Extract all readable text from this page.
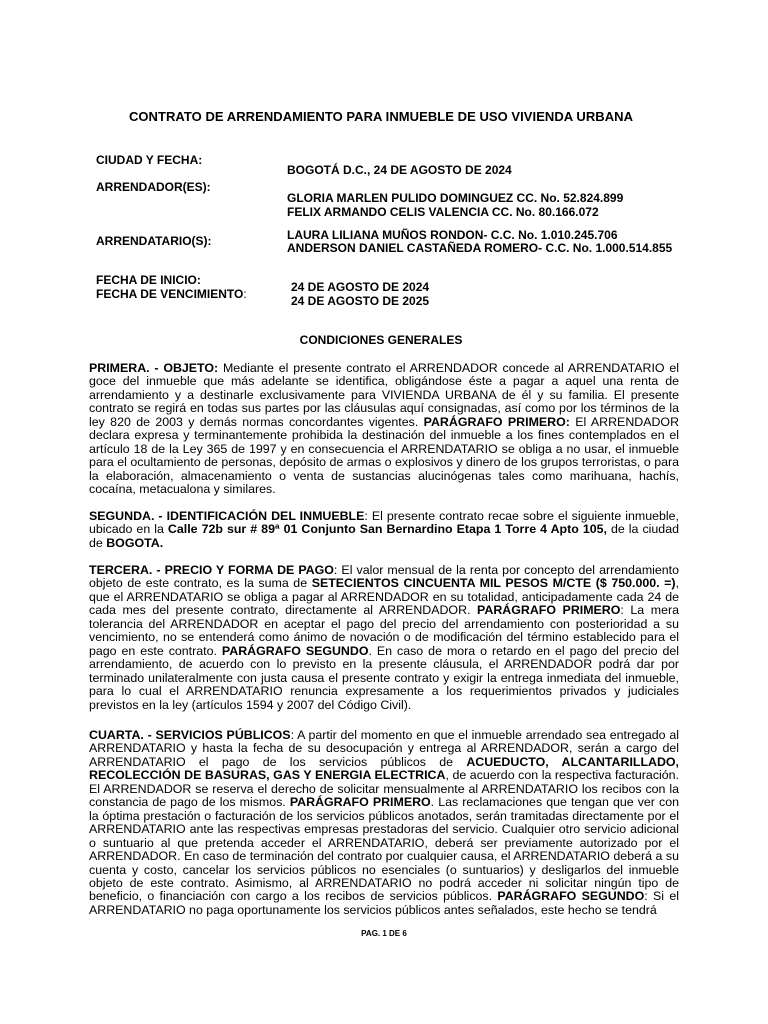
CONTRATO DE ARRENDAMIENTO PARA INMUEBLE DE USO VIVIENDA URBANA
CIUDAD Y FECHA:
BOGOTÁ D.C., 24 DE AGOSTO DE 2024
ARRENDADOR(ES):
GLORIA MARLEN PULIDO DOMINGUEZ CC. No. 52.824.899
FELIX ARMANDO CELIS VALENCIA CC. No. 80.166.072
ARRENDATARIO(S):	LAURA LILIANA MUÑOS RONDON- C.C. No. 1.010.245.706
ANDERSON DANIEL CASTAÑEDA ROMERO- C.C. No. 1.000.514.855
FECHA DE INICIO:
FECHA DE VENCIMIENTO:	24 DE AGOSTO DE 2024
24 DE AGOSTO DE 2025
CONDICIONES GENERALES
PRIMERA. - OBJETO: Mediante el presente contrato el ARRENDADOR concede al ARRENDATARIO el goce del inmueble que más adelante se identifica, obligándose éste a pagar a aquel una renta de arrendamiento y a destinarle exclusivamente para VIVIENDA URBANA de él y su familia. El presente contrato se regirá en todas sus partes por las cláusulas aquí consignadas, así como por los términos de la ley 820 de 2003 y demás normas concordantes vigentes. PARÁGRAFO PRIMERO: El ARRENDADOR declara expresa y terminantemente prohibida la destinación del inmueble a los fines contemplados en el artículo 18 de la Ley 365 de 1997 y en consecuencia el ARRENDATARIO se obliga a no usar, el inmueble para el ocultamiento de personas, depósito de armas o explosivos y dinero de los grupos terroristas, o para la elaboración, almacenamiento o venta de sustancias alucinógenas tales como marihuana, hachís, cocaína, metacualona y similares.
SEGUNDA. - IDENTIFICACIÓN DEL INMUEBLE: El presente contrato recae sobre el siguiente inmueble, ubicado en la Calle 72b sur # 89ª 01 Conjunto San Bernardino Etapa 1 Torre 4 Apto 105, de la ciudad de BOGOTA.
TERCERA. - PRECIO Y FORMA DE PAGO: El valor mensual de la renta por concepto del arrendamiento objeto de este contrato, es la suma de SETECIENTOS CINCUENTA MIL PESOS M/CTE ($ 750.000. =), que el ARRENDATARIO se obliga a pagar al ARRENDADOR en su totalidad, anticipadamente cada 24 de cada mes del presente contrato, directamente al ARRENDADOR. PARÁGRAFO PRIMERO: La mera tolerancia del ARRENDADOR en aceptar el pago del precio del arrendamiento con posterioridad a su vencimiento, no se entenderá como ánimo de novación o de modificación del término establecido para el pago en este contrato. PARÁGRAFO SEGUNDO. En caso de mora o retardo en el pago del precio del arrendamiento, de acuerdo con lo previsto en la presente cláusula, el ARRENDADOR podrá dar por terminado unilateralmente con justa causa el presente contrato y exigir la entrega inmediata del inmueble, para lo cual el ARRENDATARIO renuncia expresamente a los requerimientos privados y judiciales previstos en la ley (artículos 1594 y 2007 del Código Civil).
CUARTA. - SERVICIOS PÚBLICOS: A partir del momento en que el inmueble arrendado sea entregado al ARRENDATARIO y hasta la fecha de su desocupación y entrega al ARRENDADOR, serán a cargo del ARRENDATARIO el pago de los servicios públicos de ACUEDUCTO, ALCANTARILLADO, RECOLECCIÓN DE BASURAS, GAS Y ENERGIA ELECTRICA, de acuerdo con la respectiva facturación. El ARRENDADOR se reserva el derecho de solicitar mensualmente al ARRENDATARIO los recibos con la constancia de pago de los mismos. PARÁGRAFO PRIMERO. Las reclamaciones que tengan que ver con la óptima prestación o facturación de los servicios públicos anotados, serán tramitadas directamente por el ARRENDATARIO ante las respectivas empresas prestadoras del servicio. Cualquier otro servicio adicional o suntuario al que pretenda acceder el ARRENDATARIO, deberá ser previamente autorizado por el ARRENDADOR. En caso de terminación del contrato por cualquier causa, el ARRENDATARIO deberá a su cuenta y costo, cancelar los servicios públicos no esenciales (o suntuarios) y desligarlos del inmueble objeto de este contrato. Asimismo, al ARRENDATARIO no podrá acceder ni solicitar ningún tipo de beneficio, o financiación con cargo a los recibos de servicios públicos. PARÁGRAFO SEGUNDO: Si el ARRENDATARIO no paga oportunamente los servicios públicos antes señalados, este hecho se tendrá
PAG. 1 DE 6
